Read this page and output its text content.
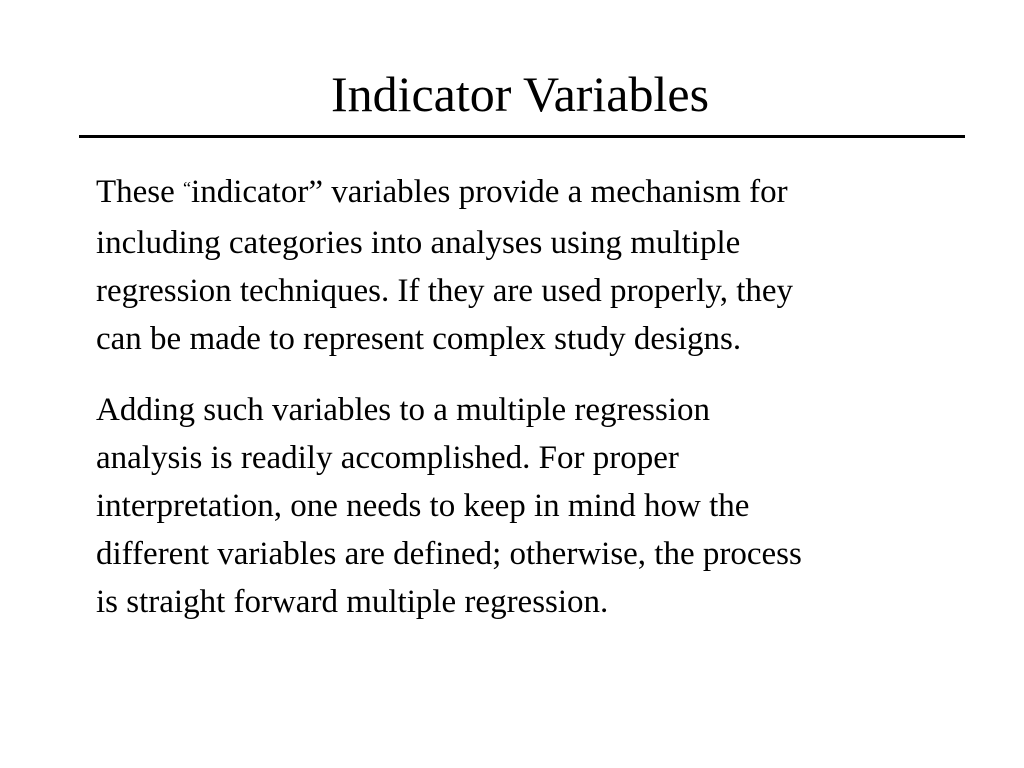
Indicator Variables
These “indicator” variables provide a mechanism for
including categories into analyses using multiple
regression techniques. If they are used properly, they
can be made to represent complex study designs.
Adding such variables to a multiple regression
analysis is readily accomplished. For proper
interpretation, one needs to keep in mind how the
different variables are defined; otherwise, the process
is straight forward multiple regression.
